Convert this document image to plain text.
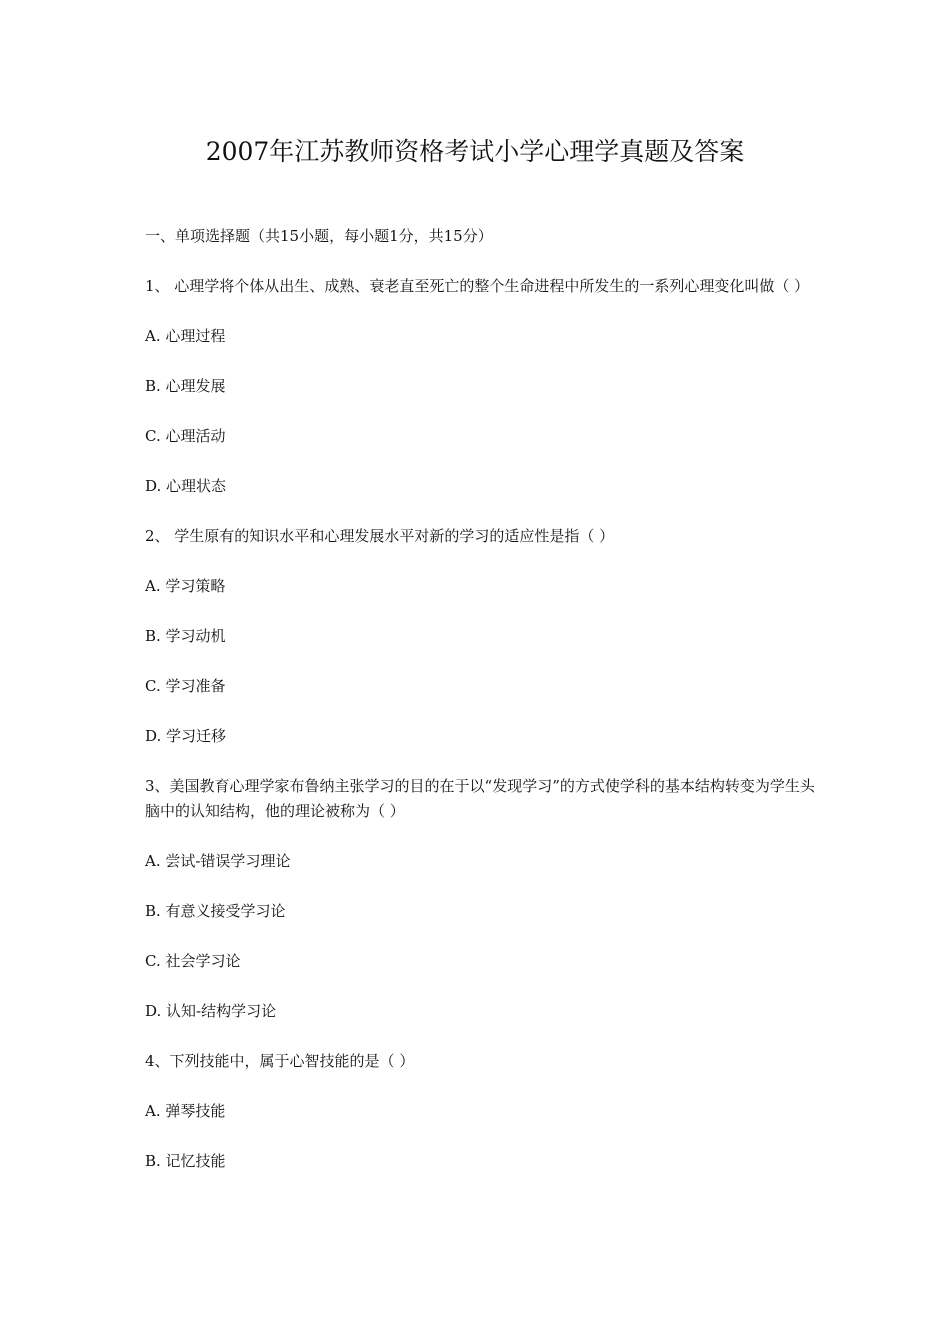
2007年江苏教师资格考试小学心理学真题及答案

一、单项选择题（共15小题，每小题1分，共15分）

1、 心理学将个体从出生、成熟、衰老直至死亡的整个生命进程中所发生的一系列心理变化叫做（ ）

A. 心理过程

B. 心理发展

C. 心理活动

D. 心理状态

2、 学生原有的知识水平和心理发展水平对新的学习的适应性是指（ ）

A. 学习策略

B. 学习动机

C. 学习准备

D. 学习迁移

3、美国教育心理学家布鲁纳主张学习的目的在于以“发现学习”的方式使学科的基本结构转变为学生头脑中的认知结构，他的理论被称为（ ）

A. 尝试-错误学习理论

B. 有意义接受学习论

C. 社会学习论

D. 认知-结构学习论

4、下列技能中，属于心智技能的是（ ）

A. 弹琴技能

B. 记忆技能
